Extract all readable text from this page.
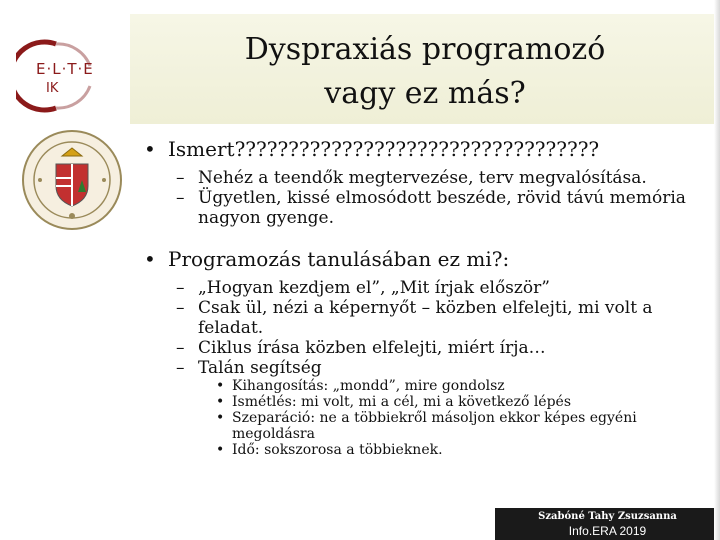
Dyspraxiás programozó
vagy ez más?
E·L·T·E
IK

• Ismert??????????????????????????????????

– Nehéz a teendők megtervezése, terv megvalósítása.

– Ügyetlen, kissé elmosódott beszéde, rövid távú memória nagyon gyenge.

• Programozás tanulásában ez mi?:

– „Hogyan kezdjem el”, „Mit írjak először”

– Csak ül, nézi a képernyőt – közben elfelejti, mi volt a feladat.

– Ciklus írása közben elfelejti, miért írja…

– Talán segítség

• Kihangosítás: „mondd”, mire gondolsz

• Ismétlés: mi volt, mi a cél, mi a következő lépés

• Szeparáció: ne a többiekről másoljon ekkor képes egyéni megoldásra

• Idő: sokszorosa a többieknek.

Szabóné Tahy Zsuzsanna
Info.ERA 2019
